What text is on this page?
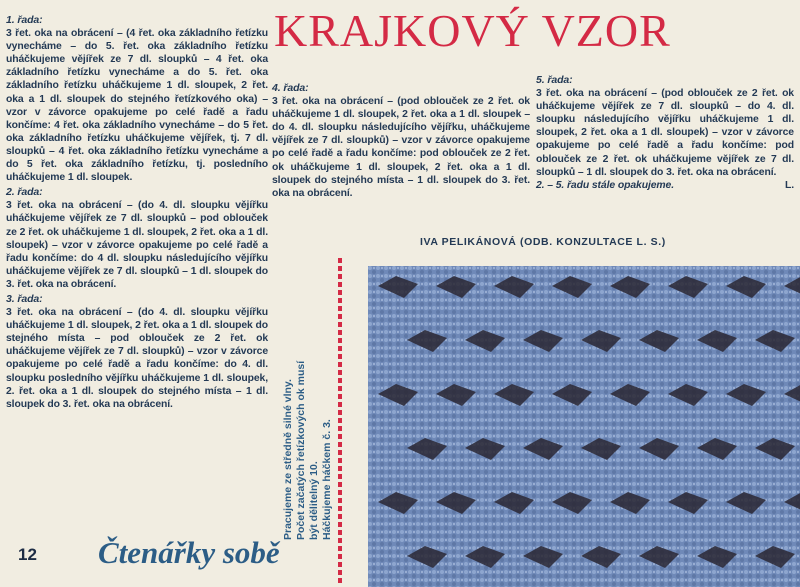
1. řada:

3 řet. oka na obrácení – (4 řet. oka základního řetízku vynecháme – do 5. řet. oka základního řetízku uháčkujeme vějířek ze 7 dl. sloupků – 4 řet. oka základního řetízku vynecháme a do 5. řet. oka základního řetízku uháčkujeme 1 dl. sloupek, 2 řet. oka a 1 dl. sloupek do stejného řetízkového oka) – vzor v závorce opakujeme po celé řadě a řadu končíme: 4 řet. oka základního vynecháme – do 5 řet. oka základního řetízku uháčkujeme vějířek, tj. 7 dl. sloupků – 4 řet. oka základního řetízku vynecháme a do 5 řet. oka základního řetízku, tj. posledního uháčkujeme 1 dl. sloupek.

2. řada:

3 řet. oka na obrácení – (do 4. dl. sloupku vějířku uháčkujeme vějířek ze 7 dl. sloupků – pod oblouček ze 2 řet. ok uháčkujeme 1 dl. sloupek, 2 řet. oka a 1 dl. sloupek) – vzor v závorce opakujeme po celé řadě a řadu končíme: do 4 dl. sloupku následujícího vějířku uháčkujeme vějířek ze 7 dl. sloupků – 1 dl. sloupek do 3. řet. oka na obrácení.

3. řada:

3 řet. oka na obrácení – (do 4. dl. sloupku vějířku uháčkujeme 1 dl. sloupek, 2 řet. oka a 1 dl. sloupek do stejného místa – pod oblouček ze 2 řet. ok uháčkujeme vějířek ze 7 dl. sloupků) – vzor v závorce opakujeme po celé řadě a řadu končíme: do 4. dl. sloupku posledního vějířku uháčkujeme 1 dl. sloupek, 2. řet. oka a 1 dl. sloupek do stejného místa – 1 dl. sloupek do 3. řet. oka na obrácení.

KRAJKOVÝ VZOR

4. řada:

3 řet. oka na obrácení – (pod oblouček ze 2 řet. ok uháčkujeme 1 dl. sloupek, 2 řet. oka a 1 dl. sloupek – do 4. dl. sloupku následujícího vějířku, uháčkujeme vějířek ze 7 dl. sloupků) – vzor v závorce opakujeme po celé řadě a řadu končíme: pod oblouček ze 2 řet. ok uháčkujeme 1 dl. sloupek, 2 řet. oka a 1 dl. sloupek do stejného místa – 1 dl. sloupek do 3. řet. oka na obrácení.

5. řada:

3 řet. oka na obrácení – (pod oblouček ze 2 řet. ok uháčkujeme vějířek ze 7 dl. sloupků – do 4. dl. sloupku následujícího vějířku uháčkujeme 1 dl. sloupek, 2 řet. oka a 1 dl. sloupek) – vzor v závorce opakujeme po celé řadě a řadu končíme: pod oblouček ze 2 řet. ok uháčkujeme vějířek ze 7 dl. sloupků – 1 dl. sloupek do 3. řet. oka na obrácení.

2. – 5. řadu stále opakujeme.	L.

IVA PELIKÁNOVÁ (ODB. KONZULTACE L. S.)

Pracujeme ze středně silné vlny. Počet začatých řetízkových ok musí být dělitelný 10. Háčkujeme háčkem č. 3.

12 Čtenářky sobě
